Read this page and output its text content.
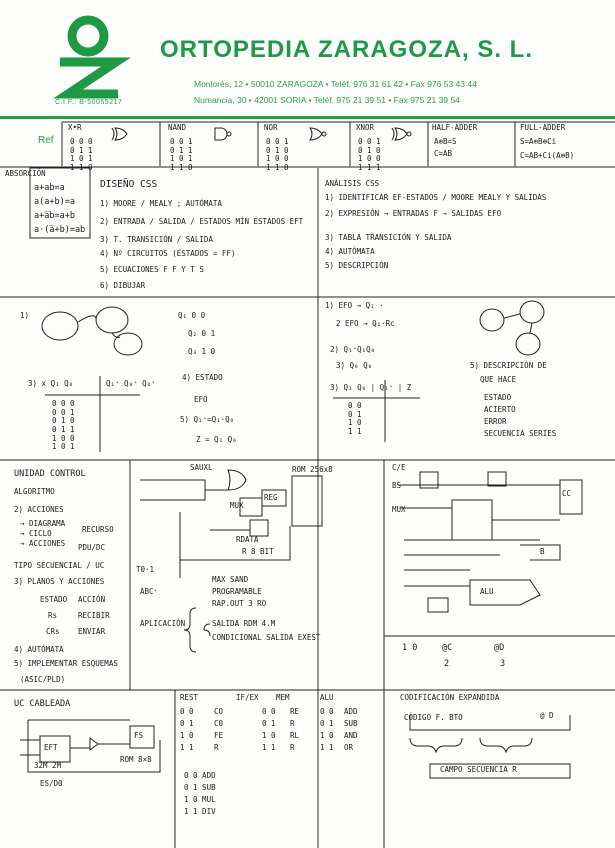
C.I.F.: B-50055217
ORTOPEDIA ZARAGOZA, S. L.
Monlorés, 12 • 50010 ZARAGOZA • Teléf. 976 31 61 42 • Fax 976 53 43 44
Numancia, 30 • 42001 SORIA • Teléf. 975 21 39 51 • Fax 975 21 39 54
Ref
X•R
0 0 0
0 1 1
1 0 1
1 1 0
NAND
0 0 1
0 1 1
1 0 1
1 1 0
NOR
0 0 1
0 1 0
1 0 0
1 1 0
XNOR
0 0 1
0 1 0
1 0 0
1 1 1
HALF-ADDER
A⊕B=S
C=AB
FULL-ADDER
S=A⊕B⊕Ci
C=AB+Ci(A⊕B)
ABSORCIÓN
a+ab=a
a(a+b)=a
a+a̅b=a+b
a·(a̅+b)=ab
DISEÑO CSS
1) MOORE / MEALY ; AUTÓMATA
2) ENTRADA / SALIDA / ESTADOS MÍN ESTADOS EFT
3) T. TRANSICIÓN / SALIDA
4) Nº CIRCUITOS (ESTADOS = FF)
5) ECUACIONES F F Y T S
6) DIBUJAR
ANÁLISIS CSS
1) IDENTIFICAR EF-ESTADOS / MOORE MEALY Y SALIDAS
2) EXPRESIÓN → ENTRADAS F → SALIDAS EFO
3) TABLA TRANSICIÓN Y SALIDA
4) AUTÓMATA
5) DESCRIPCIÓN
1)	Q₁ 0 0
Q₂ 0 1
Q₃ 1 0
3) x Q₁ Q₀	Q₁⁺ Q₀⁺ Q₀⁺
0 0 0
0 0 1
0 1 0
0 1 1
1 0 0
1 0 1
4) ESTADO
EFO
5) Q₁⁺=Q₁·Q₀
Z = Q₁ Q₀
1) EFO → Q₁ ·
2 EFO → Q₁·Rc
2) Q₁⁺Q₁Q₀
3) Q₀ Q₀
3) Q₁ Q₀ | Q₁⁺ | Z
0 0
0 1
1 0
1 1
5) DESCRIPCIÓN DE
QUE HACE
ESTADO
ACIERTO
ERROR
SECUENCIA SERIES
UNIDAD CONTROL
ALGORITMO
2) ACCIONES
→ DIAGRAMA
→ CICLO
→ ACCIONES
RECURSO
PDU/DC
TIPO SECUENCIAL / UC
3) PLANOS Y ACCIONES
ESTADO ACCIÓN
Rs	RECIBIR
CRs ENVIAR
4) AUTÓMATA
5) IMPLEMENTAR ESQUEMAS
(ASIC/PLD)
SAUXL
MUX
ROM 256x8
REG
RDATA
R 8 BIT
T0·1
ABC⁺
MAX SAND
PROGRAMABLE
RAP.OUT 3 RO
APLICACIÓN	SALIDA RDM 4.M
CONDICIONAL SALIDA EXEST
C/E
BS
MUX
ALU
CC
B
1 0	@C	@D
2	3
UC CABLEADA
EFT
FS
ROM 8×8
32M 2M
ES/D0
REST	IF/EX MEM	ALU
0 0	CO	0 0 RE	0 0 ADD
0 1	C0	0 1 R	0 1 SUB
1 0	FE	1 0 RL	1 0 AND
1 1	R	1 1 R	1 1 OR
0 0 ADD
0 1 SUB
1 0 MUL
1 1 DIV
CODIFICACIÓN EXPANDIDA
CÓDIGO F. BTO	@ D
CAMPO SECUENCIA R
